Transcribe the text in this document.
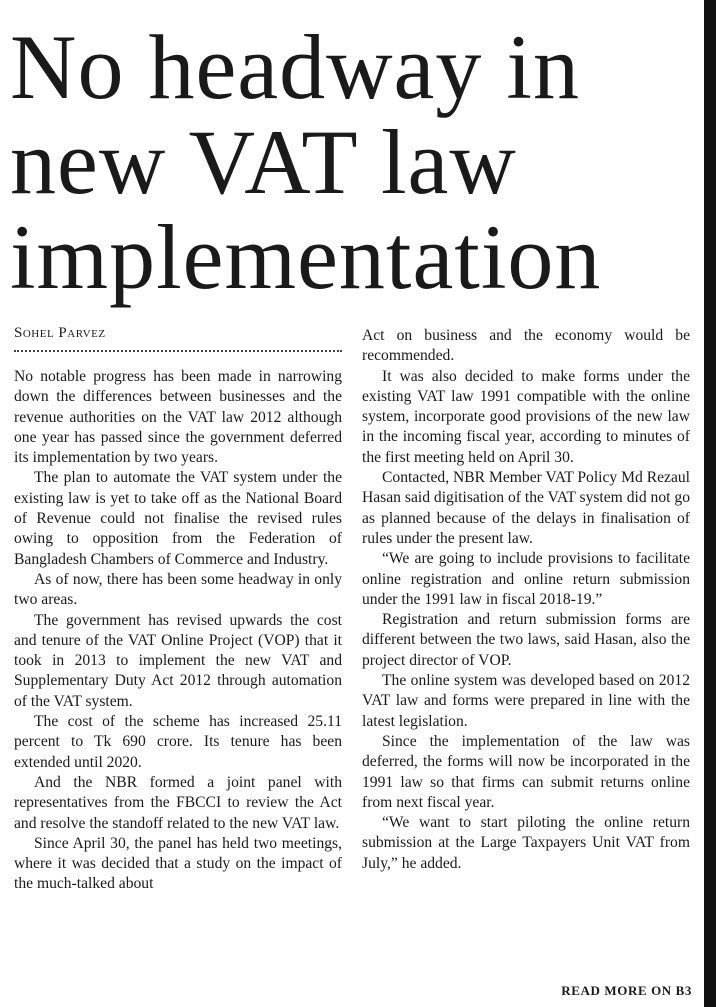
No headway in
new VAT law
implementation
Sohel Parvez

No notable progress has been made in narrowing down the differences between businesses and the revenue authorities on the VAT law 2012 although one year has passed since the government deferred its implementation by two years.

The plan to automate the VAT system under the existing law is yet to take off as the National Board of Revenue could not finalise the revised rules owing to opposition from the Federation of Bangladesh Chambers of Commerce and Industry.

As of now, there has been some headway in only two areas.

The government has revised upwards the cost and tenure of the VAT Online Project (VOP) that it took in 2013 to implement the new VAT and Supplementary Duty Act 2012 through automation of the VAT system.

The cost of the scheme has increased 25.11 percent to Tk 690 crore. Its tenure has been extended until 2020.

And the NBR formed a joint panel with representatives from the FBCCI to review the Act and resolve the standoff related to the new VAT law.

Since April 30, the panel has held two meetings, where it was decided that a study on the impact of the much-talked about

Act on business and the economy would be recommended.

It was also decided to make forms under the existing VAT law 1991 compatible with the online system, incorporate good provisions of the new law in the incoming fiscal year, according to minutes of the first meeting held on April 30.

Contacted, NBR Member VAT Policy Md Rezaul Hasan said digitisation of the VAT system did not go as planned because of the delays in finalisation of rules under the present law.

“We are going to include provisions to facilitate online registration and online return submission under the 1991 law in fiscal 2018-19.”

Registration and return submission forms are different between the two laws, said Hasan, also the project director of VOP.

The online system was developed based on 2012 VAT law and forms were prepared in line with the latest legislation.

Since the implementation of the law was deferred, the forms will now be incorporated in the 1991 law so that firms can submit returns online from next fiscal year.

“We want to start piloting the online return submission at the Large Taxpayers Unit VAT from July,” he added.

READ MORE ON B3
